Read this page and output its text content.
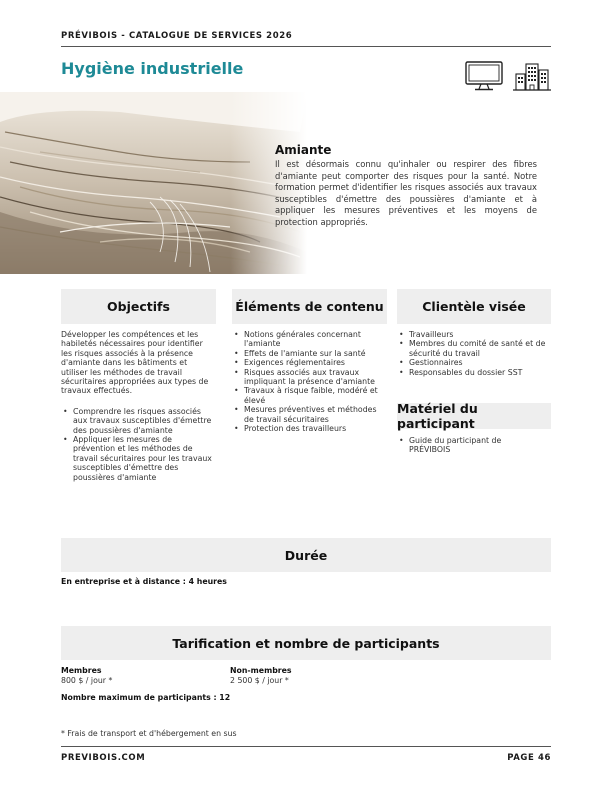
PRÉVIBOIS - CATALOGUE DE SERVICES 2026
Hygiène industrielle
Amiante

Il est désormais connu qu'inhaler ou respirer des fibres d'amiante peut comporter des risques pour la santé. Notre formation permet d'identifier les risques associés aux travaux susceptibles d'émettre des poussières d'amiante et à appliquer les mesures préventives et les moyens de protection appropriés.

Objectifs

Développer les compétences et les habiletés nécessaires pour identifier les risques associés à la présence d'amiante dans les bâtiments et utiliser les méthodes de travail sécuritaires appropriées aux types de travaux effectués.

• Comprendre les risques associés aux travaux susceptibles d'émettre des poussières d'amiante
• Appliquer les mesures de prévention et les méthodes de travail sécuritaires pour les travaux susceptibles d'émettre des poussières d'amiante
Éléments de contenu
• Notions générales concernant l'amiante
• Effets de l'amiante sur la santé
• Exigences réglementaires
• Risques associés aux travaux impliquant la présence d'amiante
• Travaux à risque faible, modéré et élevé
• Mesures préventives et méthodes de travail sécuritaires
• Protection des travailleurs
Clientèle visée
• Travailleurs
• Membres du comité de santé et de sécurité du travail
• Gestionnaires
• Responsables du dossier SST
Matériel du participant
• Guide du participant de PRÉVIBOIS
Durée
En entreprise et à distance : 4 heures
Tarification et nombre de participants
Membres
800 $ / jour *
Non-membres
2 500 $ / jour *
Nombre maximum de participants : 12
* Frais de transport et d'hébergement en sus
PREVIBOIS.COM	PAGE 46
